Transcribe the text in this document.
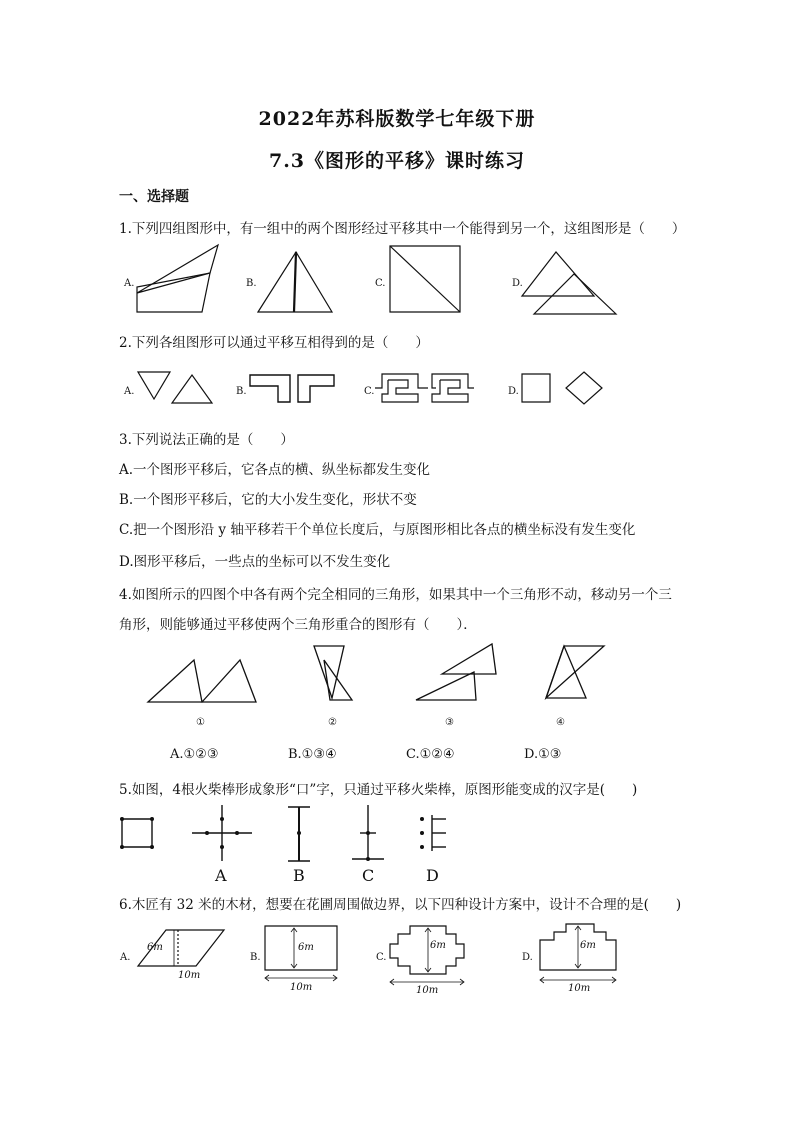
2022年苏科版数学七年级下册
7.3《图形的平移》课时练习
一、选择题
1.下列四组图形中，有一组中的两个图形经过平移其中一个能得到另一个，这组图形是（　　）
A.	B.	C.	D.
2.下列各组图形可以通过平移互相得到的是（　　）
A.	B.	C.	D.
3.下列说法正确的是（　　）
A.一个图形平移后，它各点的横、纵坐标都发生变化
B.一个图形平移后，它的大小发生变化，形状不变
C.把一个图形沿 y 轴平移若干个单位长度后，与原图形相比各点的横坐标没有发生变化
D.图形平移后，一些点的坐标可以不发生变化
4.如图所示的四图个中各有两个完全相同的三角形，如果其中一个三角形不动，移动另一个三
角形，则能够通过平移使两个三角形重合的图形有（　　）．
①	②	③	④
A.①②③	B.①③④	C.①②④	D.①③
5.如图，4根火柴棒形成象形“口”字，只通过平移火柴棒，原图形能变成的汉字是(　　)
A	B	C	D
6.木匠有 32 米的木材，想要在花圃周围做边界，以下四种设计方案中，设计不合理的是(　　)
A.
6m
10m
B.
6m
10m
C.
6m
10m
D.
6m
10m
